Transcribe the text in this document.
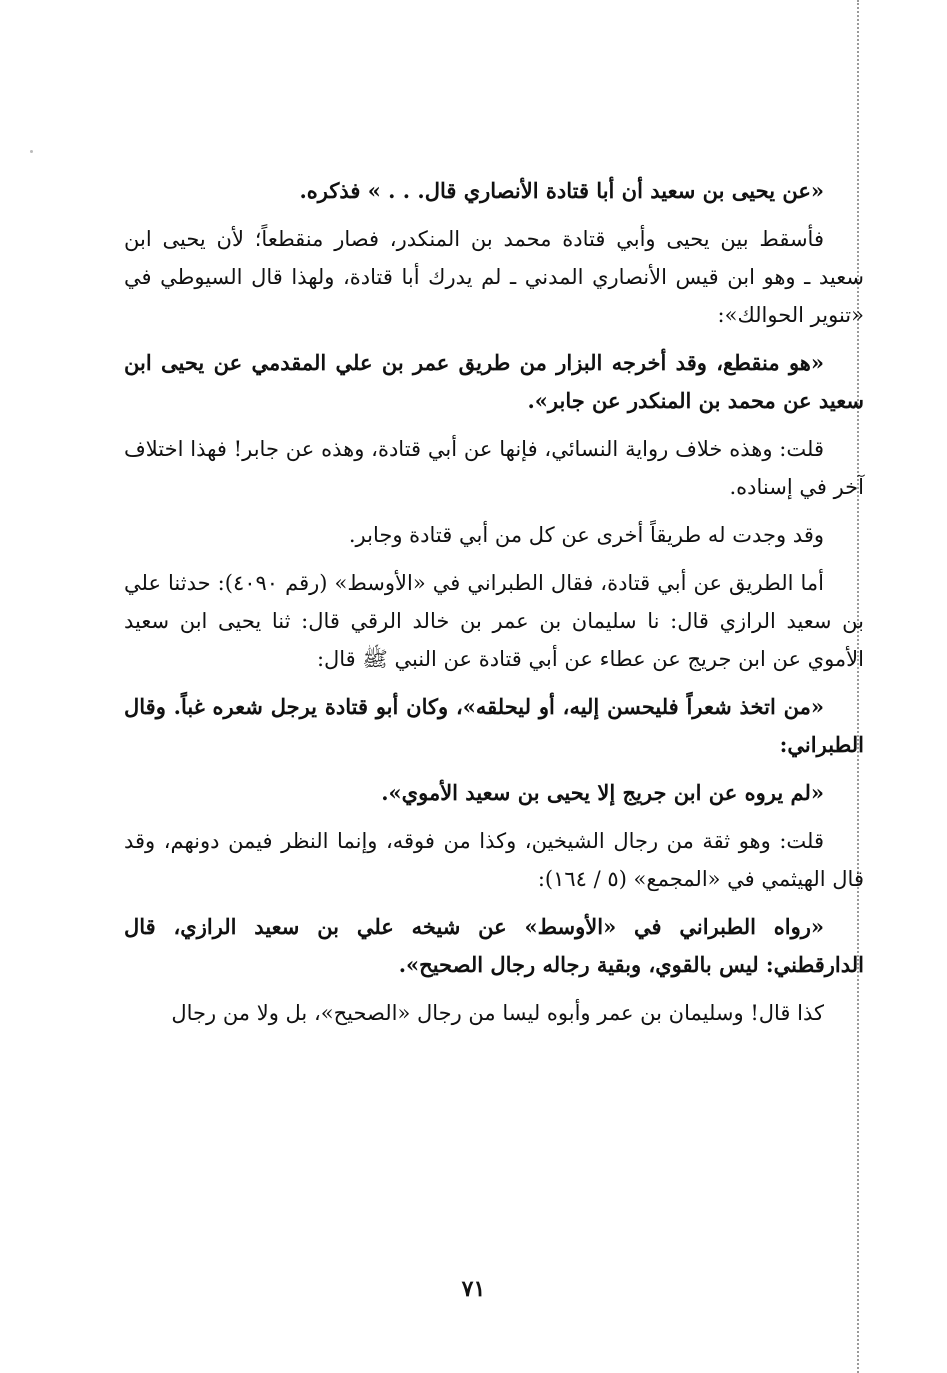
«عن يحيى بن سعيد أن أبا قتادة الأنصاري قال. . . » فذكره.

فأسقط بين يحيى وأبي قتادة محمد بن المنكدر، فصار منقطعاً؛ لأن يحيى ابن سعيد ـ وهو ابن قيس الأنصاري المدني ـ لم يدرك أبا قتادة، ولهذا قال السيوطي في «تنوير الحوالك»:

«هو منقطع، وقد أخرجه البزار من طريق عمر بن علي المقدمي عن يحيى ابن سعيد عن محمد بن المنكدر عن جابر».

قلت: وهذه خلاف رواية النسائي، فإنها عن أبي قتادة، وهذه عن جابر! فهذا اختلاف آخر في إسناده.

وقد وجدت له طريقاً أخرى عن كل من أبي قتادة وجابر.

أما الطريق عن أبي قتادة، فقال الطبراني في «الأوسط» (رقم ٤٠٩٠): حدثنا علي بن سعيد الرازي قال: نا سليمان بن عمر بن خالد الرقي قال: ثنا يحيى ابن سعيد الأموي عن ابن جريج عن عطاء عن أبي قتادة عن النبي ﷺ قال:

«من اتخذ شعراً فليحسن إليه، أو ليحلقه»، وكان أبو قتادة يرجل شعره غباً. وقال الطبراني:

«لم يروه عن ابن جريج إلا يحيى بن سعيد الأموي».

قلت: وهو ثقة من رجال الشيخين، وكذا من فوقه، وإنما النظر فيمن دونهم، وقد قال الهيثمي في «المجمع» (٥ / ١٦٤):

«رواه الطبراني في «الأوسط» عن شيخه علي بن سعيد الرازي، قال الدارقطني: ليس بالقوي، وبقية رجاله رجال الصحيح».

كذا قال! وسليمان بن عمر وأبوه ليسا من رجال «الصحيح»، بل ولا من رجال

٧١
